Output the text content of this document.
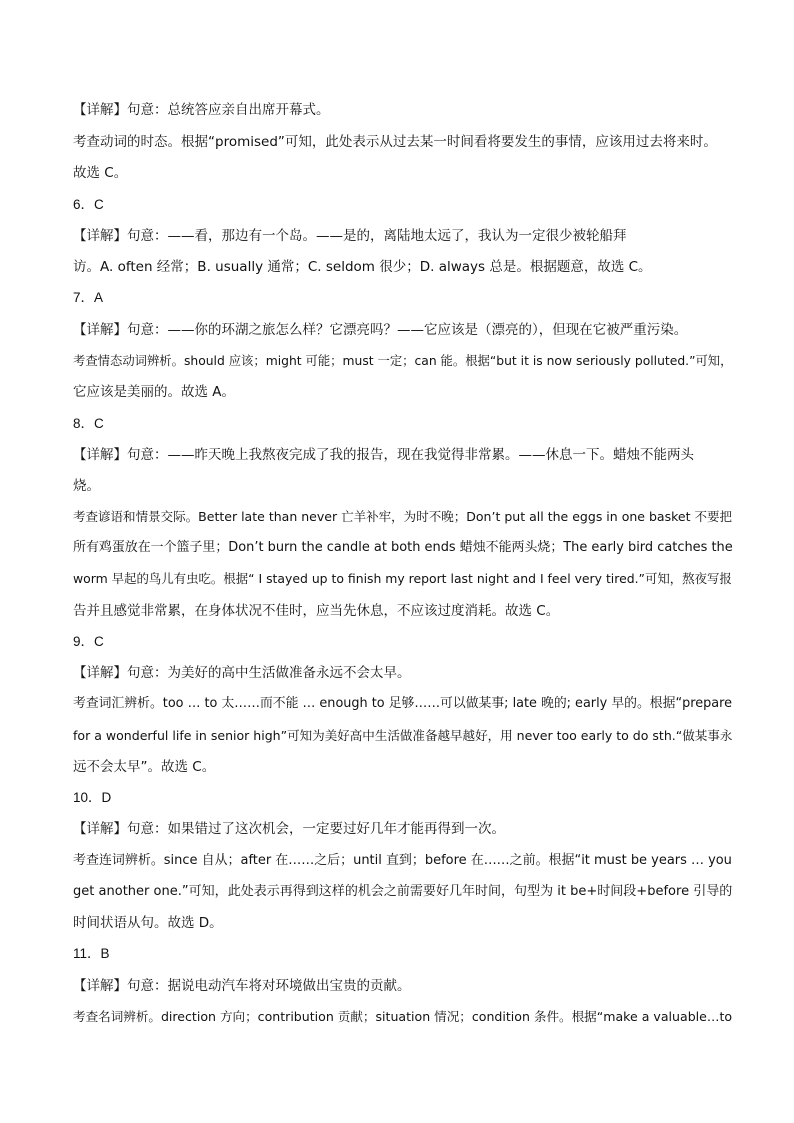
【详解】句意：总统答应亲自出席开幕式。
考查动词的时态。根据“promised”可知，此处表示从过去某一时间看将要发生的事情，应该用过去将来时。
故选 C。
6．C
【详解】句意：——看，那边有一个岛。——是的，离陆地太远了，我认为一定很少被轮船拜
访。A. often 经常；B. usually 通常；C. seldom 很少；D. always 总是。根据题意，故选 C。
7．A
【详解】句意：——你的环湖之旅怎么样？它漂亮吗？——它应该是（漂亮的），但现在它被严重污染。
考查情态动词辨析。should 应该；might 可能；must 一定；can 能。根据“but it is now seriously polluted.”可知，
它应该是美丽的。故选 A。
8．C
【详解】句意：——昨天晚上我熬夜完成了我的报告，现在我觉得非常累。——休息一下。蜡烛不能两头
烧。
考查谚语和情景交际。Better late than never 亡羊补牢，为时不晚；Don’t put all the eggs in one basket 不要把
所有鸡蛋放在一个篮子里；Don’t burn the candle at both ends 蜡烛不能两头烧；The early bird catches the
worm 早起的鸟儿有虫吃。根据“ I stayed up to finish my report last night and I feel very tired.”可知，熬夜写报
告并且感觉非常累，在身体状况不佳时，应当先休息，不应该过度消耗。故选 C。
9．C
【详解】句意：为美好的高中生活做准备永远不会太早。
考查词汇辨析。too … to 太……而不能 … enough to 足够……可以做某事; late 晚的; early 早的。根据“prepare
for a wonderful life in senior high”可知为美好高中生活做准备越早越好，用 never too early to do sth.“做某事永
远不会太早”。故选 C。
10．D
【详解】句意：如果错过了这次机会，一定要过好几年才能再得到一次。
考查连词辨析。since 自从；after 在……之后；until 直到；before 在……之前。根据“it must be years … you
get another one.”可知，此处表示再得到这样的机会之前需要好几年时间，句型为 it be+时间段+before 引导的
时间状语从句。故选 D。
11．B
【详解】句意：据说电动汽车将对环境做出宝贵的贡献。
考查名词辨析。direction 方向；contribution 贡献；situation 情况；condition 条件。根据“make a valuable…to
